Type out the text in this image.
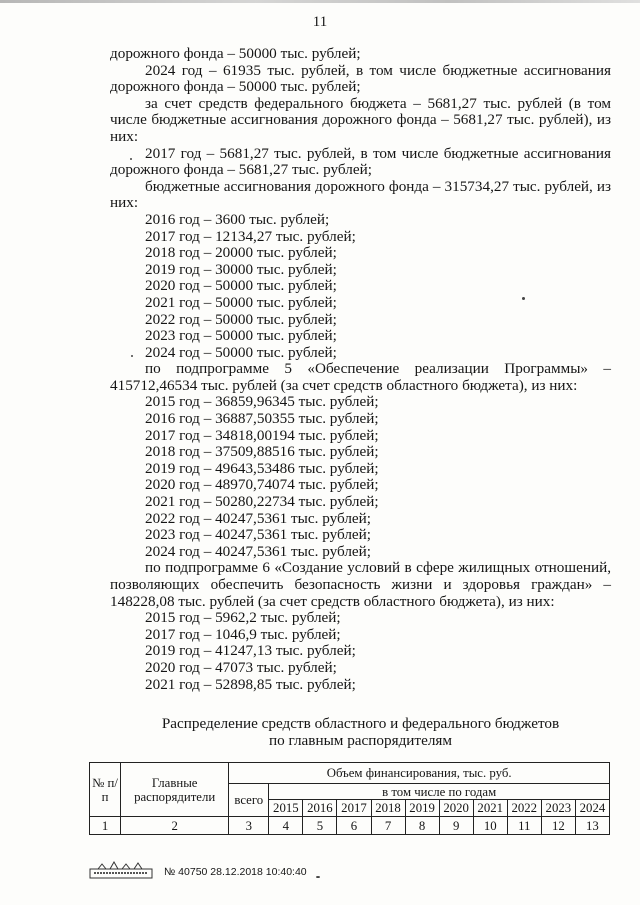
11

дорожного фонда – 50000 тыс. рублей;

2024 год – 61935 тыс. рублей, в том числе бюджетные ассигнования дорожного фонда – 50000 тыс. рублей;

за счет средств федерального бюджета – 5681,27 тыс. рублей (в том числе бюджетные ассигнования дорожного фонда – 5681,27 тыс. рублей), из них:

2017 год – 5681,27 тыс. рублей, в том числе бюджетные ассигнования дорожного фонда – 5681,27 тыс. рублей;

бюджетные ассигнования дорожного фонда – 315734,27 тыс. рублей, из них:

2016 год – 3600 тыс. рублей;

2017 год – 12134,27 тыс. рублей;

2018 год – 20000 тыс. рублей;

2019 год – 30000 тыс. рублей;

2020 год – 50000 тыс. рублей;

2021 год – 50000 тыс. рублей;

2022 год – 50000 тыс. рублей;

2023 год – 50000 тыс. рублей;

2024 год – 50000 тыс. рублей;

по подпрограмме 5 «Обеспечение реализации Программы» – 415712,46534 тыс. рублей (за счет средств областного бюджета), из них:

2015 год – 36859,96345 тыс. рублей;

2016 год – 36887,50355 тыс. рублей;

2017 год – 34818,00194 тыс. рублей;

2018 год – 37509,88516 тыс. рублей;

2019 год – 49643,53486 тыс. рублей;

2020 год – 48970,74074 тыс. рублей;

2021 год – 50280,22734 тыс. рублей;

2022 год – 40247,5361 тыс. рублей;

2023 год – 40247,5361 тыс. рублей;

2024 год – 40247,5361 тыс. рублей;

по подпрограмме 6 «Создание условий в сфере жилищных отношений, позволяющих обеспечить безопасность жизни и здоровья граждан» – 148228,08 тыс. рублей (за счет средств областного бюджета), из них:

2015 год – 5962,2 тыс. рублей;

2017 год – 1046,9 тыс. рублей;

2019 год – 41247,13 тыс. рублей;

2020 год – 47073 тыс. рублей;

2021 год – 52898,85 тыс. рублей;

Распределение средств областного и федерального бюджетов
по главным распорядителям
№ п/п	Главные распорядители	Объем финансирования, тыс. руб.										
		всего	в том числе по годам									
			2015	2016	2017	2018	2019	2020	2021	2022	2023	2024
1	2	3	4	5	6	7	8	9	10	11	12	13
№ 40750 28.12.2018 10:40:40
